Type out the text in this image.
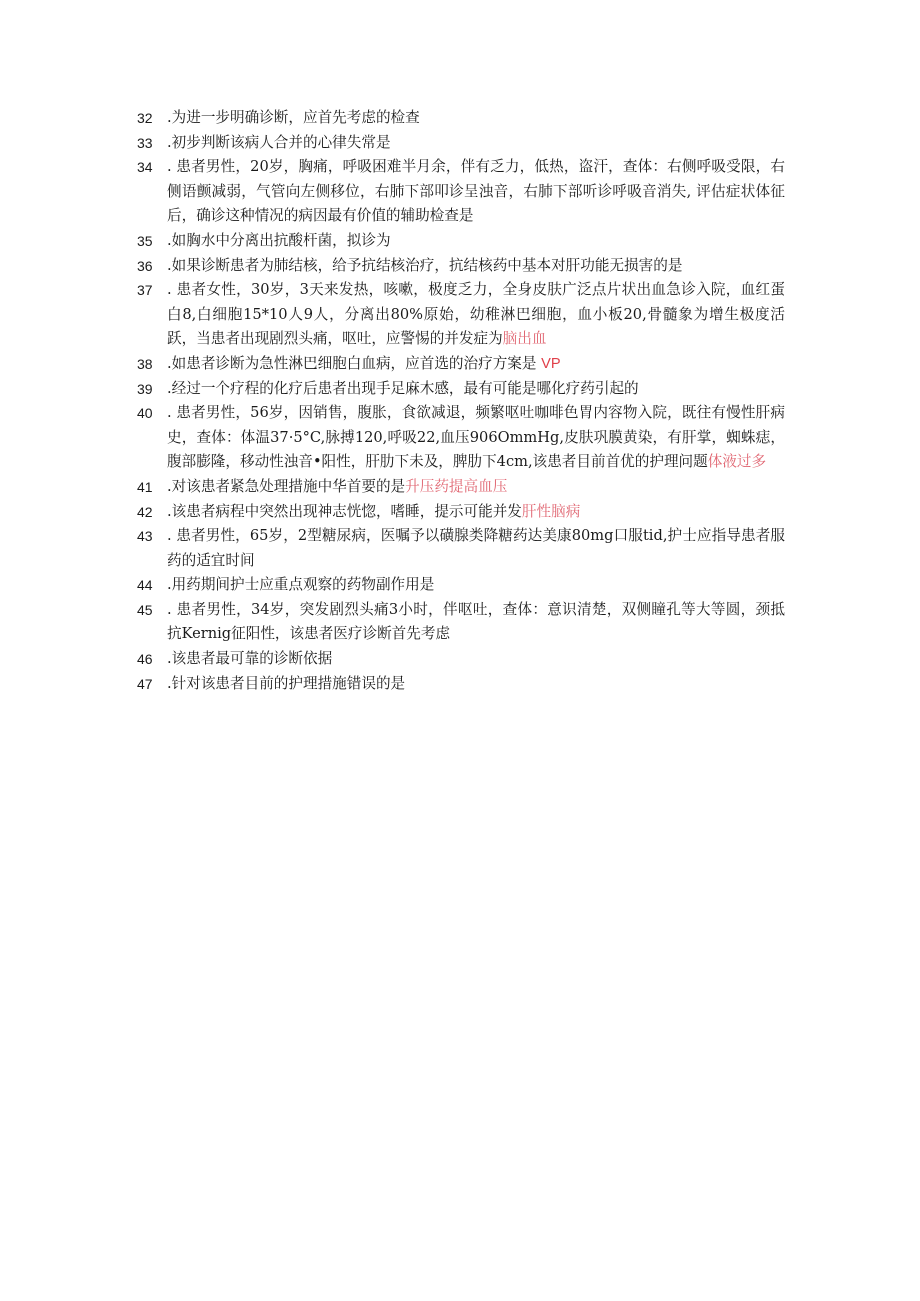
32 .为进一步明确诊断，应首先考虑的检查
33 .初步判断该病人合并的心律失常是
34 . 患者男性，20岁，胸痛，呼吸困难半月余，伴有乏力，低热，盗汗，查体：右侧呼吸受限，右侧语颤减弱，气管向左侧移位，右肺下部叩诊呈浊音，右肺下部听诊呼吸音消失, 评估症状体征后，确诊这种情况的病因最有价值的辅助检查是
35 .如胸水中分离出抗酸杆菌，拟诊为
36 .如果诊断患者为肺结核，给予抗结核治疗，抗结核药中基本对肝功能无损害的是
37 . 患者女性，30岁，3天来发热，咳嗽，极度乏力，全身皮肤广泛点片状出血急诊入院，血红蛋白8,白细胞15*10人9人，分离出80%原始，幼稚淋巴细胞，血小板20,骨髓象为增生极度活跃，当患者出现剧烈头痛，呕吐，应警惕的并发症为脑出血
38 .如患者诊断为急性淋巴细胞白血病，应首选的治疗方案是 VP
39 .经过一个疗程的化疗后患者出现手足麻木感，最有可能是哪化疗药引起的
40 . 患者男性，56岁，因销售，腹胀，食欲减退，频繁呕吐咖啡色胃内容物入院，既往有慢性肝病史，查体：体温37·5°C,脉搏120,呼吸22,血压906OmmHg,皮肤巩膜黄染，有肝掌，蜘蛛痣，腹部膨隆，移动性浊音•阳性，肝肋下未及，脾肋下4cm,该患者目前首优的护理问题体液过多
41 .对该患者紧急处理措施中华首要的是升压药提高血压
42 .该患者病程中突然出现神志恍惚，嗜睡，提示可能并发肝性脑病
43 . 患者男性，65岁，2型糖尿病，医嘱予以磺腺类降糖药达美康80mg口服tid,护士应指导患者服药的适宜时间
44 .用药期间护士应重点观察的药物副作用是
45 . 患者男性，34岁，突发剧烈头痛3小时，伴呕吐，查体：意识清楚，双侧瞳孔等大等圆，颈抵抗Kernig征阳性，该患者医疗诊断首先考虑
46 .该患者最可靠的诊断依据
47 .针对该患者目前的护理措施错误的是
